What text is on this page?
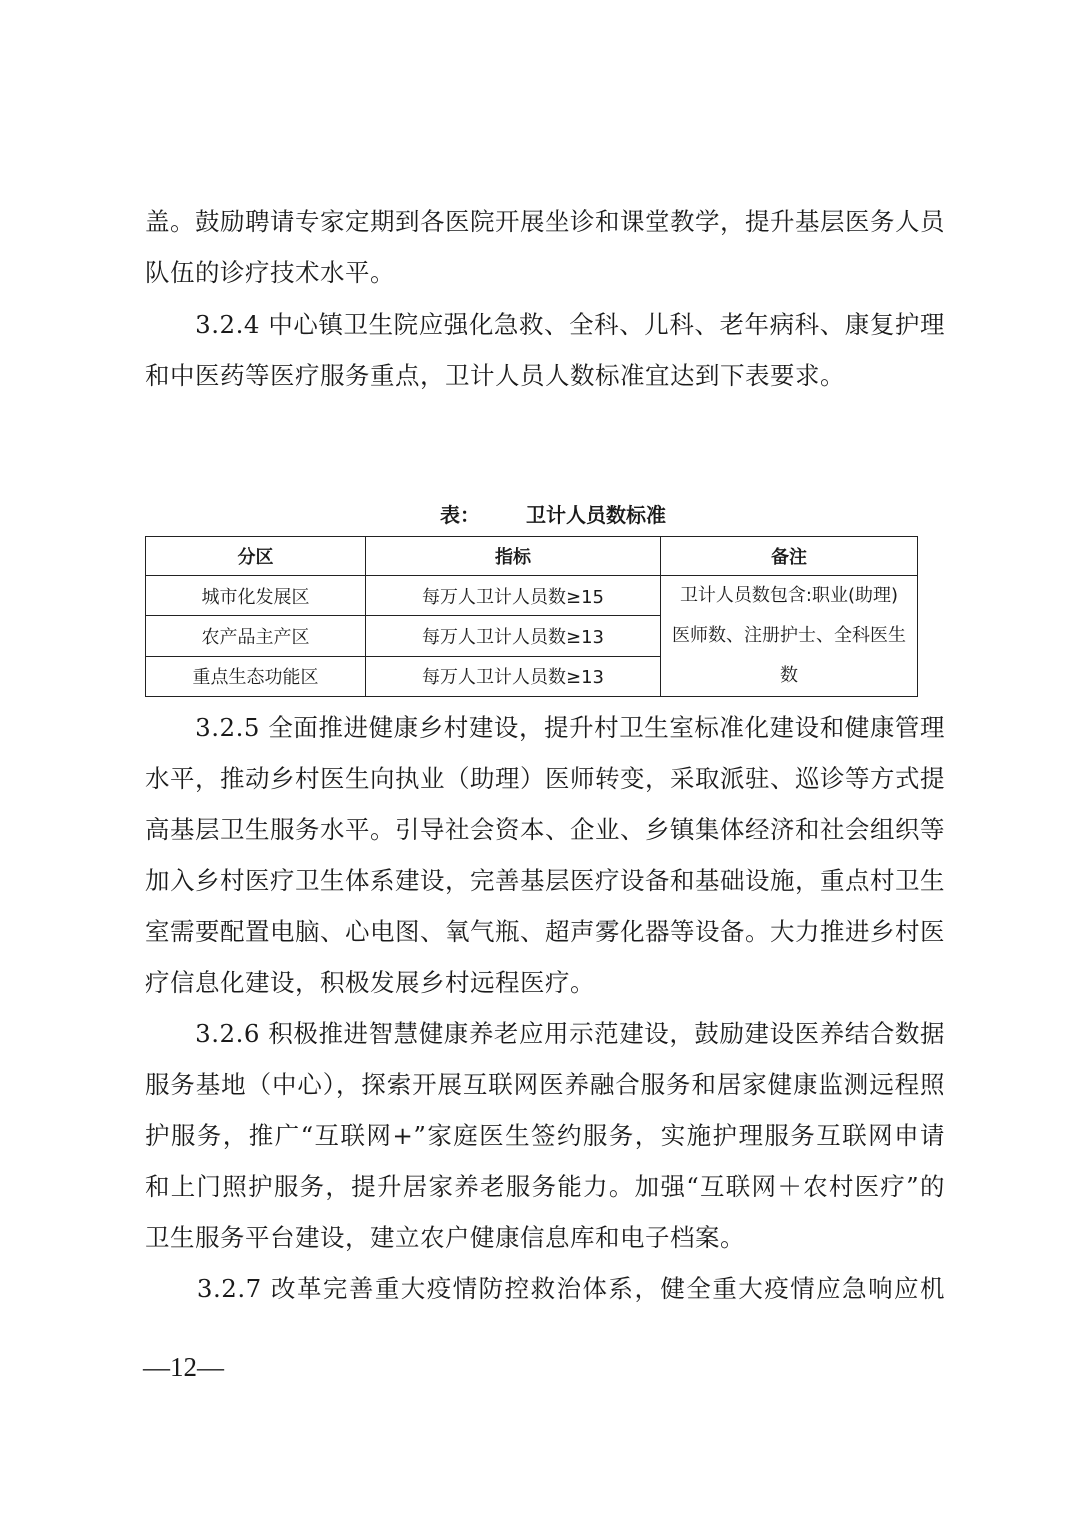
盖。鼓励聘请专家定期到各医院开展坐诊和课堂教学，提升基层医务人员
队伍的诊疗技术水平。
　　3.2.4 中心镇卫生院应强化急救、全科、儿科、老年病科、康复护理
和中医药等医疗服务重点，卫计人员人数标准宜达到下表要求。
表： 卫计人员数标准
分区	指标	备注
城市化发展区	每万人卫计人员数≥15	卫计人员数包含:职业(助理)
医师数、注册护士、全科医生
数

农产品主产区	每万人卫计人员数≥13	
重点生态功能区	每万人卫计人员数≥13	
　　3.2.5 全面推进健康乡村建设，提升村卫生室标准化建设和健康管理
水平，推动乡村医生向执业（助理）医师转变，采取派驻、巡诊等方式提
高基层卫生服务水平。引导社会资本、企业、乡镇集体经济和社会组织等
加入乡村医疗卫生体系建设，完善基层医疗设备和基础设施，重点村卫生
室需要配置电脑、心电图、氧气瓶、超声雾化器等设备。大力推进乡村医
疗信息化建设，积极发展乡村远程医疗。
　　3.2.6 积极推进智慧健康养老应用示范建设，鼓励建设医养结合数据
服务基地（中心），探索开展互联网医养融合服务和居家健康监测远程照
护服务，推广“互联网+”家庭医生签约服务，实施护理服务互联网申请
和上门照护服务，提升居家养老服务能力。加强“互联网＋农村医疗”的
卫生服务平台建设，建立农户健康信息库和电子档案。
　　3.2.7 改革完善重大疫情防控救治体系，健全重大疫情应急响应机
—12—
